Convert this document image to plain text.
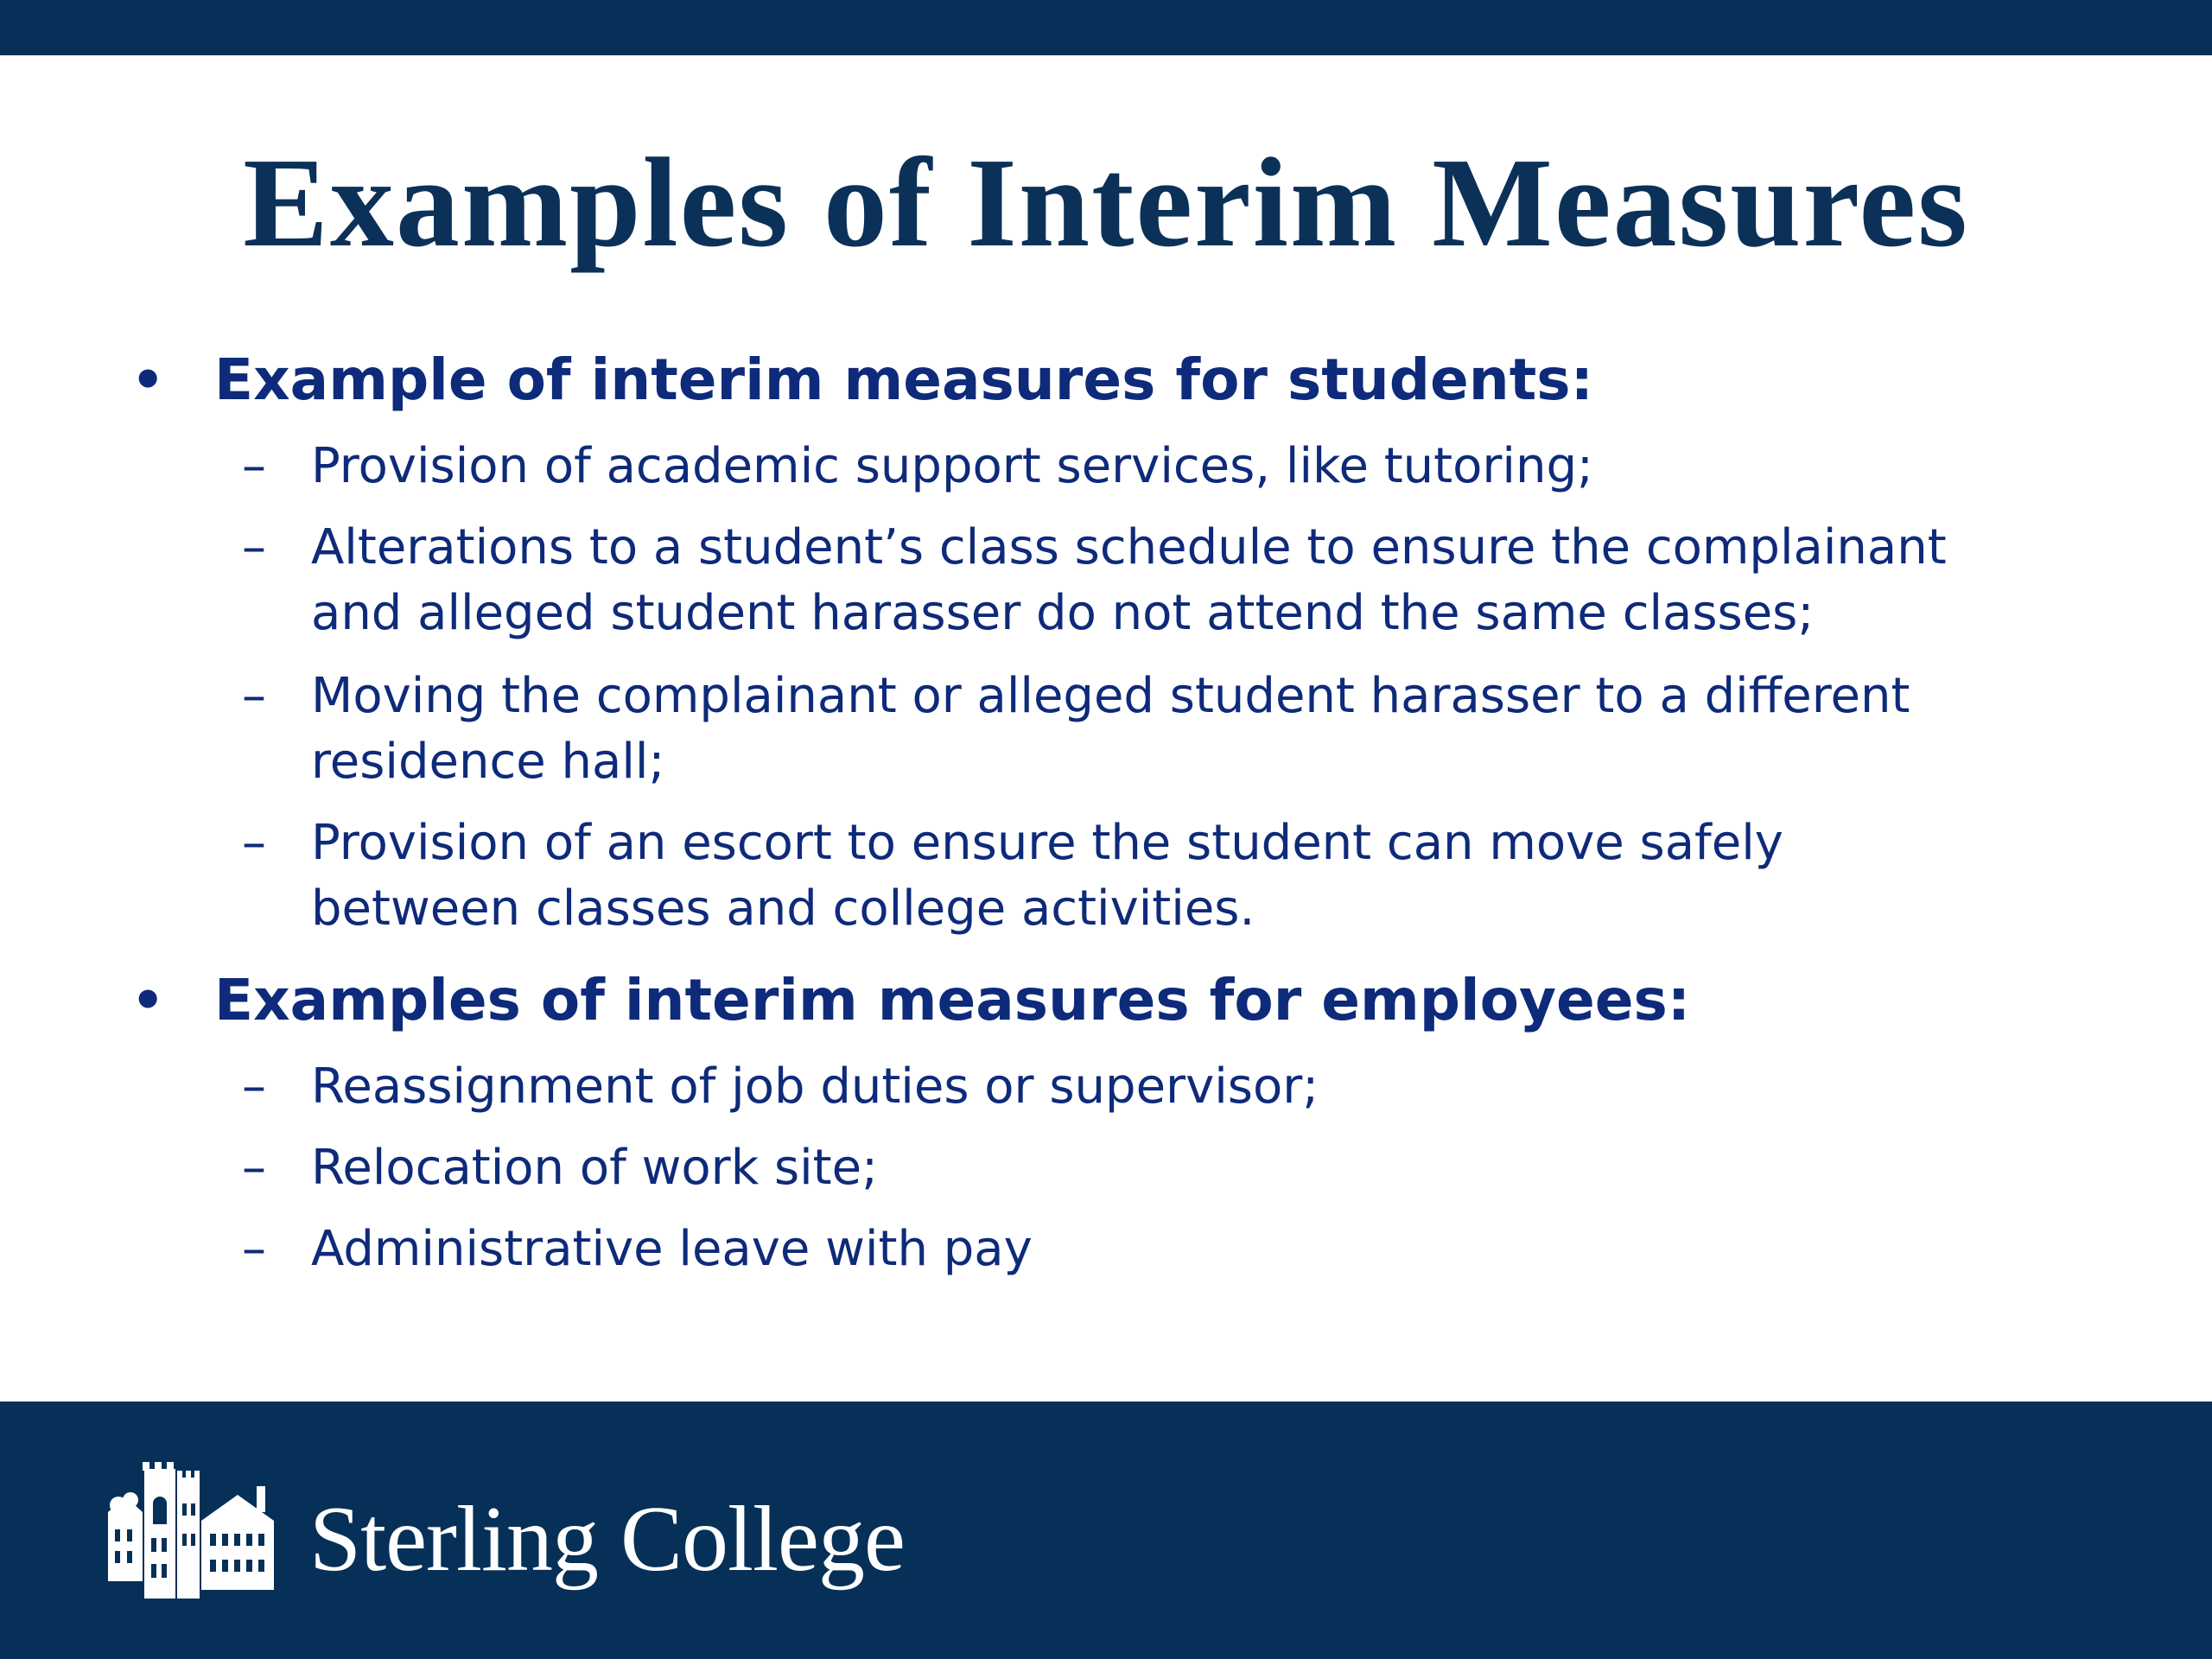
Examples of Interim Measures
• Example of interim measures for students:
– Provision of academic support services, like tutoring;
– Alterations to a student’s class schedule to ensure the complainant
and alleged student harasser do not attend the same classes;
– Moving the complainant or alleged student harasser to a different
residence hall;
– Provision of an escort to ensure the student can move safely
between classes and college activities.
• Examples of interim measures for employees:
– Reassignment of job duties or supervisor;
– Relocation of work site;
– Administrative leave with pay
Sterling College
